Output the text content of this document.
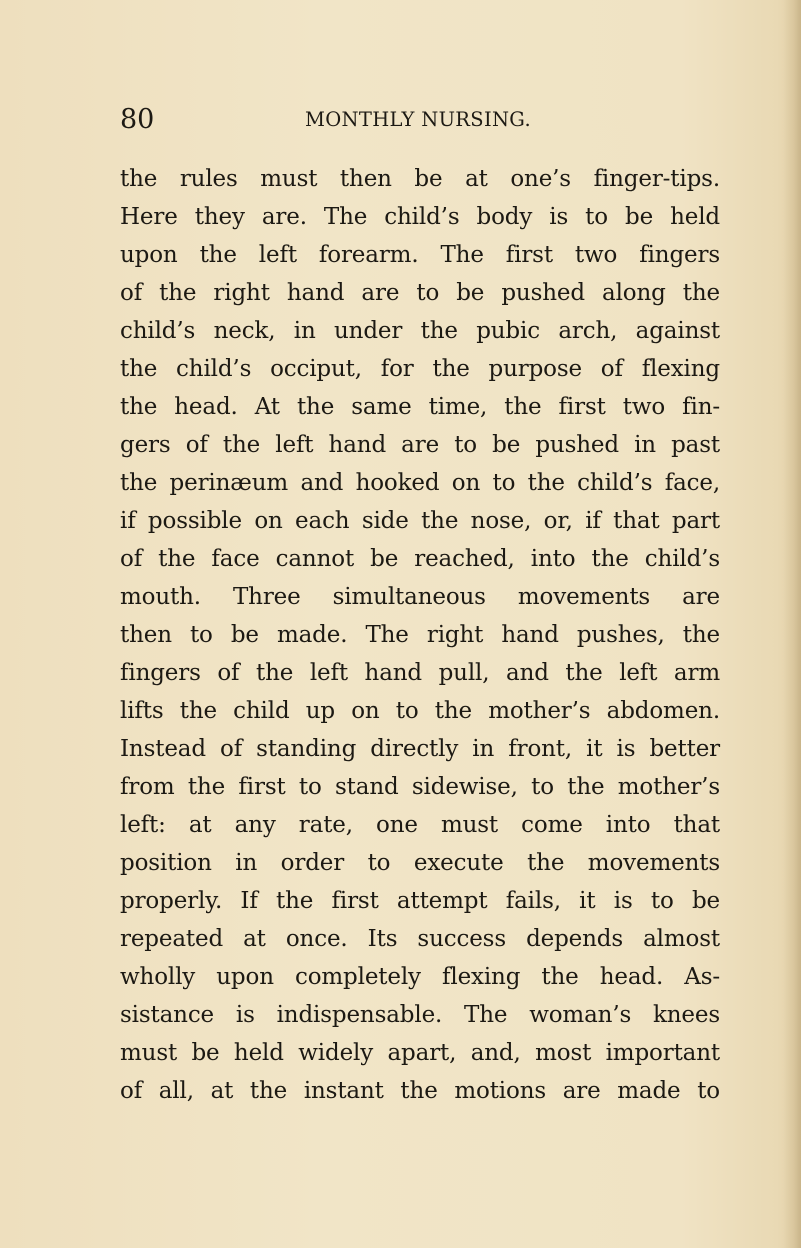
80	MONTHLY NURSING.
the rules must then be at one’s finger-tips.
Here they are. The child’s body is to be held
upon the left forearm. The first two fingers
of the right hand are to be pushed along the
child’s neck, in under the pubic arch, against
the child’s occiput, for the purpose of flexing
the head. At the same time, the first two fin-
gers of the left hand are to be pushed in past
the perinæum and hooked on to the child’s face,
if possible on each side the nose, or, if that part
of the face cannot be reached, into the child’s
mouth. Three simultaneous movements are
then to be made. The right hand pushes, the
fingers of the left hand pull, and the left arm
lifts the child up on to the mother’s abdomen.
Instead of standing directly in front, it is better
from the first to stand sidewise, to the mother’s
left: at any rate, one must come into that
position in order to execute the movements
properly. If the first attempt fails, it is to be
repeated at once. Its success depends almost
wholly upon completely flexing the head. As-
sistance is indispensable. The woman’s knees
must be held widely apart, and, most important
of all, at the instant the motions are made to
